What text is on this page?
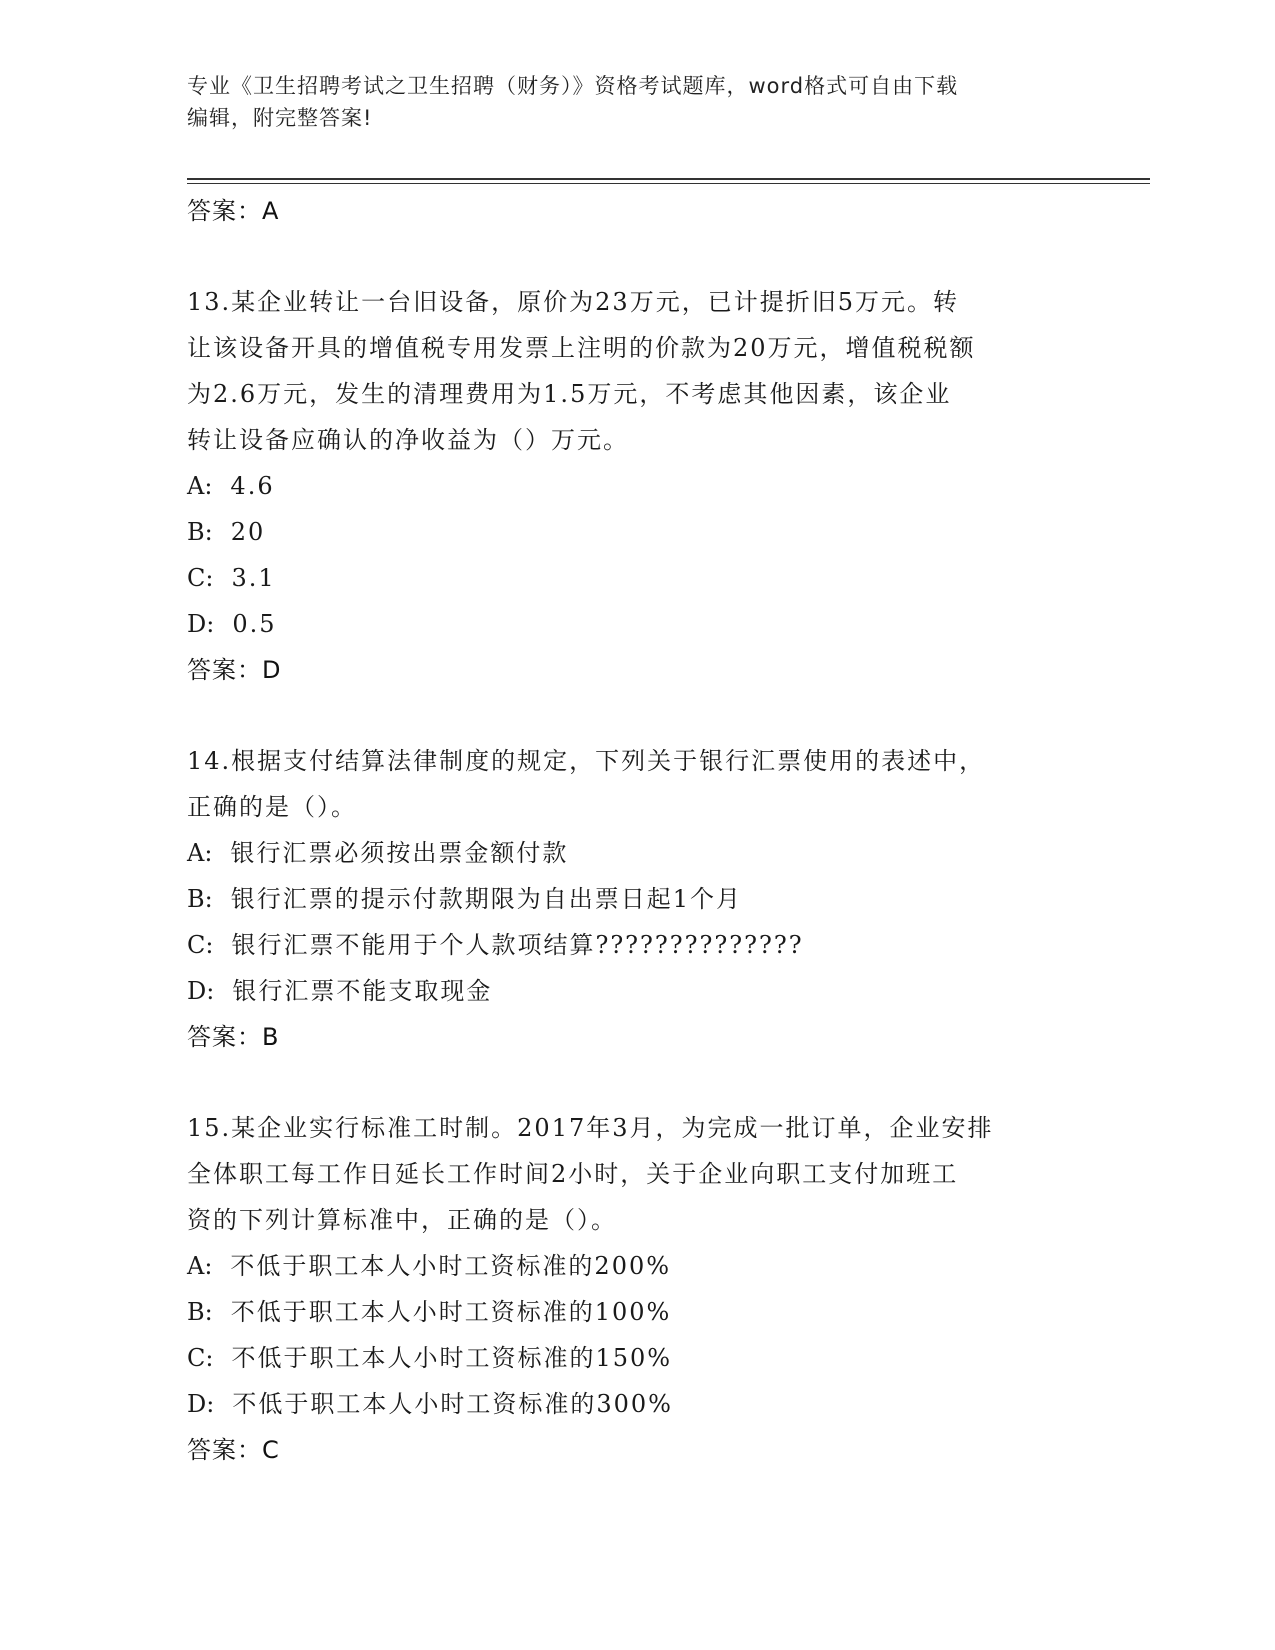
专业《卫生招聘考试之卫生招聘（财务）》资格考试题库，word格式可自由下载
编辑，附完整答案!
答案：A
13.某企业转让一台旧设备，原价为23万元，已计提折旧5万元。转
让该设备开具的增值税专用发票上注明的价款为20万元，增值税税额
为2.6万元，发生的清理费用为1.5万元，不考虑其他因素，该企业
转让设备应确认的净收益为（）万元。
A: 4.6
B: 20
C: 3.1
D: 0.5
答案：D
14.根据支付结算法律制度的规定，下列关于银行汇票使用的表述中，
正确的是（）。
A: 银行汇票必须按出票金额付款
B: 银行汇票的提示付款期限为自出票日起1个月
C: 银行汇票不能用于个人款项结算??????????????
D: 银行汇票不能支取现金
答案：B
15.某企业实行标准工时制。2017年3月，为完成一批订单，企业安排
全体职工每工作日延长工作时间2小时，关于企业向职工支付加班工
资的下列计算标准中，正确的是（）。
A: 不低于职工本人小时工资标准的200%
B: 不低于职工本人小时工资标准的100%
C: 不低于职工本人小时工资标准的150%
D: 不低于职工本人小时工资标准的300%
答案：C
